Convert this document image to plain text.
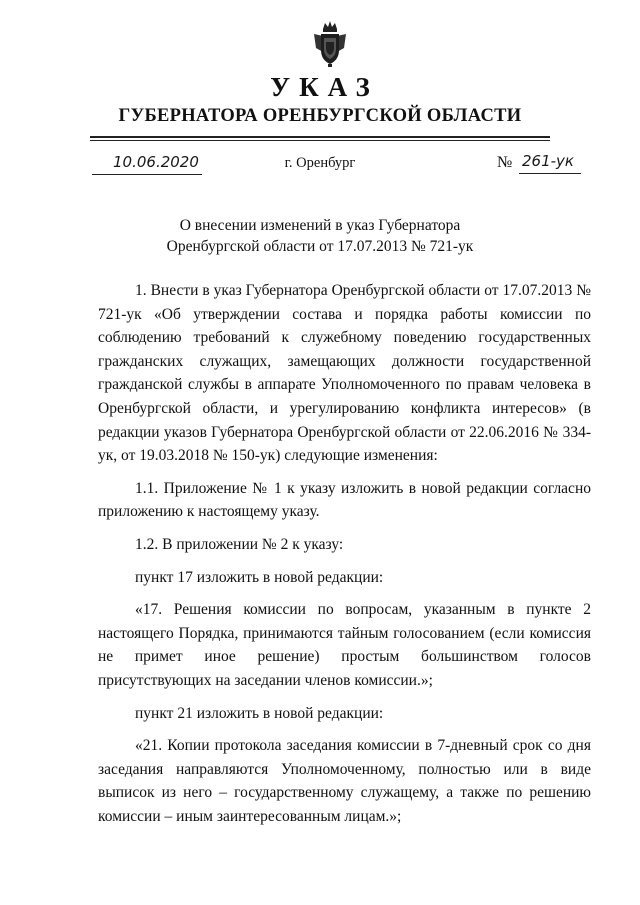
УКАЗ
ГУБЕРНАТОРА ОРЕНБУРГСКОЙ ОБЛАСТИ
10.06.2020	г. Оренбург	№ 261-ук
О внесении изменений в указ Губернатора
Оренбургской области от 17.07.2013 № 721-ук

1. Внести в указ Губернатора Оренбургской области от 17.07.2013 № 721-ук «Об утверждении состава и порядка работы комиссии по соблюдению требований к служебному поведению государственных гражданских служащих, замещающих должности государственной гражданской службы в аппарате Уполномоченного по правам человека в Оренбургской области, и урегулированию конфликта интересов» (в редакции указов Губернатора Оренбургской области от 22.06.2016 № 334-ук, от 19.03.2018 № 150-ук) следующие изменения:

1.1. Приложение № 1 к указу изложить в новой редакции согласно приложению к настоящему указу.

1.2. В приложении № 2 к указу:

пункт 17 изложить в новой редакции:

«17. Решения комиссии по вопросам, указанным в пункте 2 настоящего Порядка, принимаются тайным голосованием (если комиссия не примет иное решение) простым большинством голосов присутствующих на заседании членов комиссии.»;

пункт 21 изложить в новой редакции:

«21. Копии протокола заседания комиссии в 7-дневный срок со дня заседания направляются Уполномоченному, полностью или в виде выписок из него – государственному служащему, а также по решению комиссии – иным заинтересованным лицам.»;
